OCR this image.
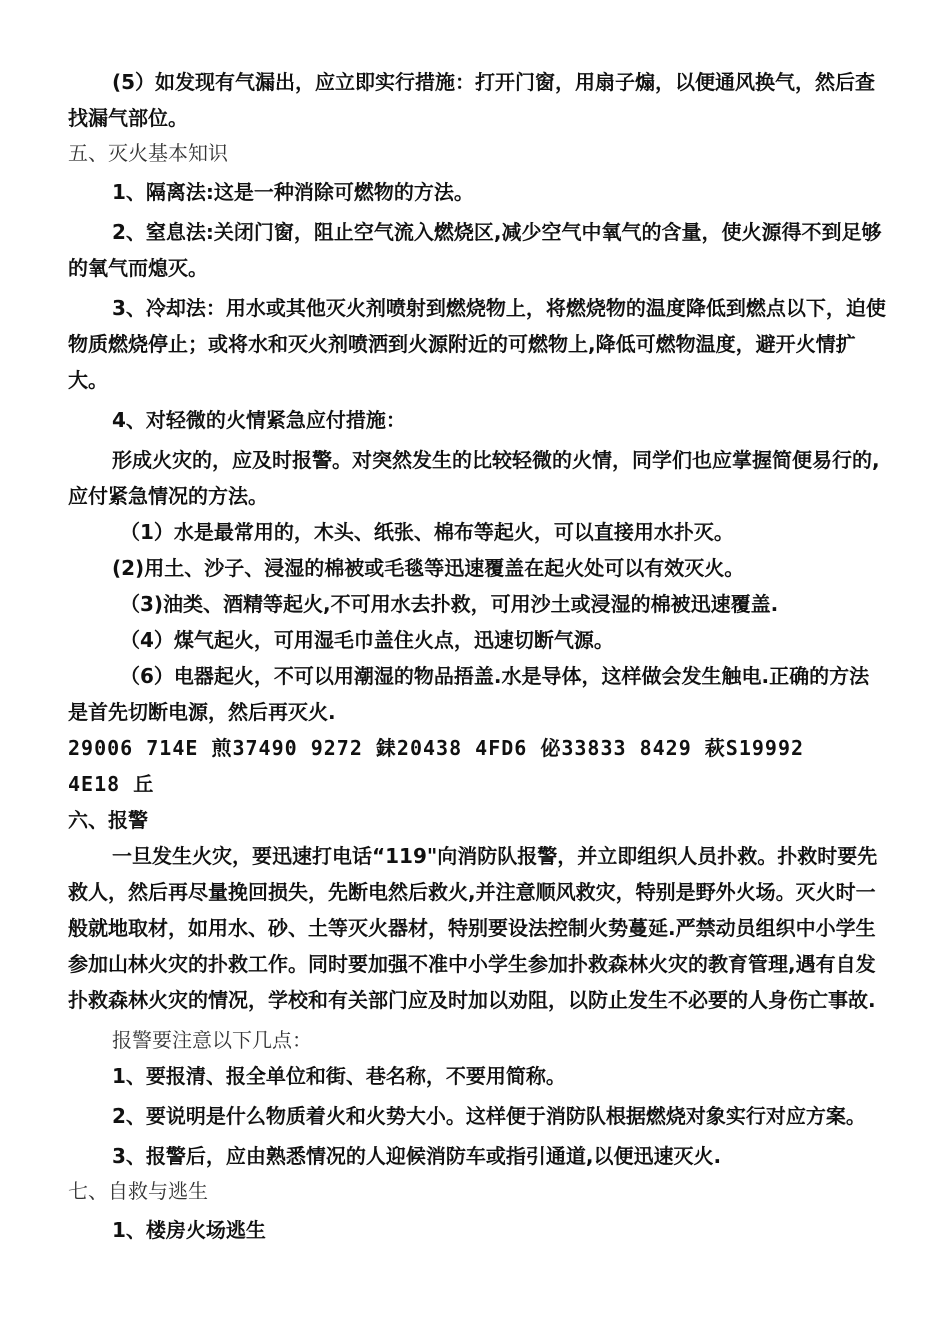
(5）如发现有气漏出，应立即实行措施：打开门窗，用扇子煽，以便通风换气，然后查找漏气部位。

五、灭火基本知识

1、隔离法:这是一种消除可燃物的方法。

2、窒息法:关闭门窗，阻止空气流入燃烧区,减少空气中氧气的含量，使火源得不到足够的氧气而熄灭。

3、冷却法：用水或其他灭火剂喷射到燃烧物上，将燃烧物的温度降低到燃点以下，迫使物质燃烧停止；或将水和灭火剂喷洒到火源附近的可燃物上,降低可燃物温度，避开火情扩大。

4、对轻微的火情紧急应付措施：

形成火灾的，应及时报警。对突然发生的比较轻微的火情，同学们也应掌握简便易行的,应付紧急情况的方法。

（1）水是最常用的，木头、纸张、棉布等起火，可以直接用水扑灭。

(2)用土、沙子、浸湿的棉被或毛毯等迅速覆盖在起火处可以有效灭火。

（3)油类、酒精等起火,不可用水去扑救，可用沙土或浸湿的棉被迅速覆盖.

（4）煤气起火，可用湿毛巾盖住火点，迅速切断气源。

（6）电器起火，不可以用潮湿的物品捂盖.水是导体，这样做会发生触电.正确的方法是首先切断电源，然后再灭火.

29006 714E 煎37490 9272 銇20438 4FD6 佖33833 8429 萩S19992

4E18 丘

六、报警

一旦发生火灾，要迅速打电话“119"向消防队报警，并立即组织人员扑救。扑救时要先救人，然后再尽量挽回损失，先断电然后救火,并注意顺风救灾，特别是野外火场。灭火时一般就地取材，如用水、砂、土等灭火器材，特别要设法控制火势蔓延.严禁动员组织中小学生参加山林火灾的扑救工作。同时要加强不准中小学生参加扑救森林火灾的教育管理,遇有自发扑救森林火灾的情况，学校和有关部门应及时加以劝阻，以防止发生不必要的人身伤亡事故.

报警要注意以下几点：

1、要报清、报全单位和街、巷名称，不要用简称。

2、要说明是什么物质着火和火势大小。这样便于消防队根据燃烧对象实行对应方案。

3、报警后，应由熟悉情况的人迎候消防车或指引通道,以便迅速灭火.

七、自救与逃生

1、楼房火场逃生
